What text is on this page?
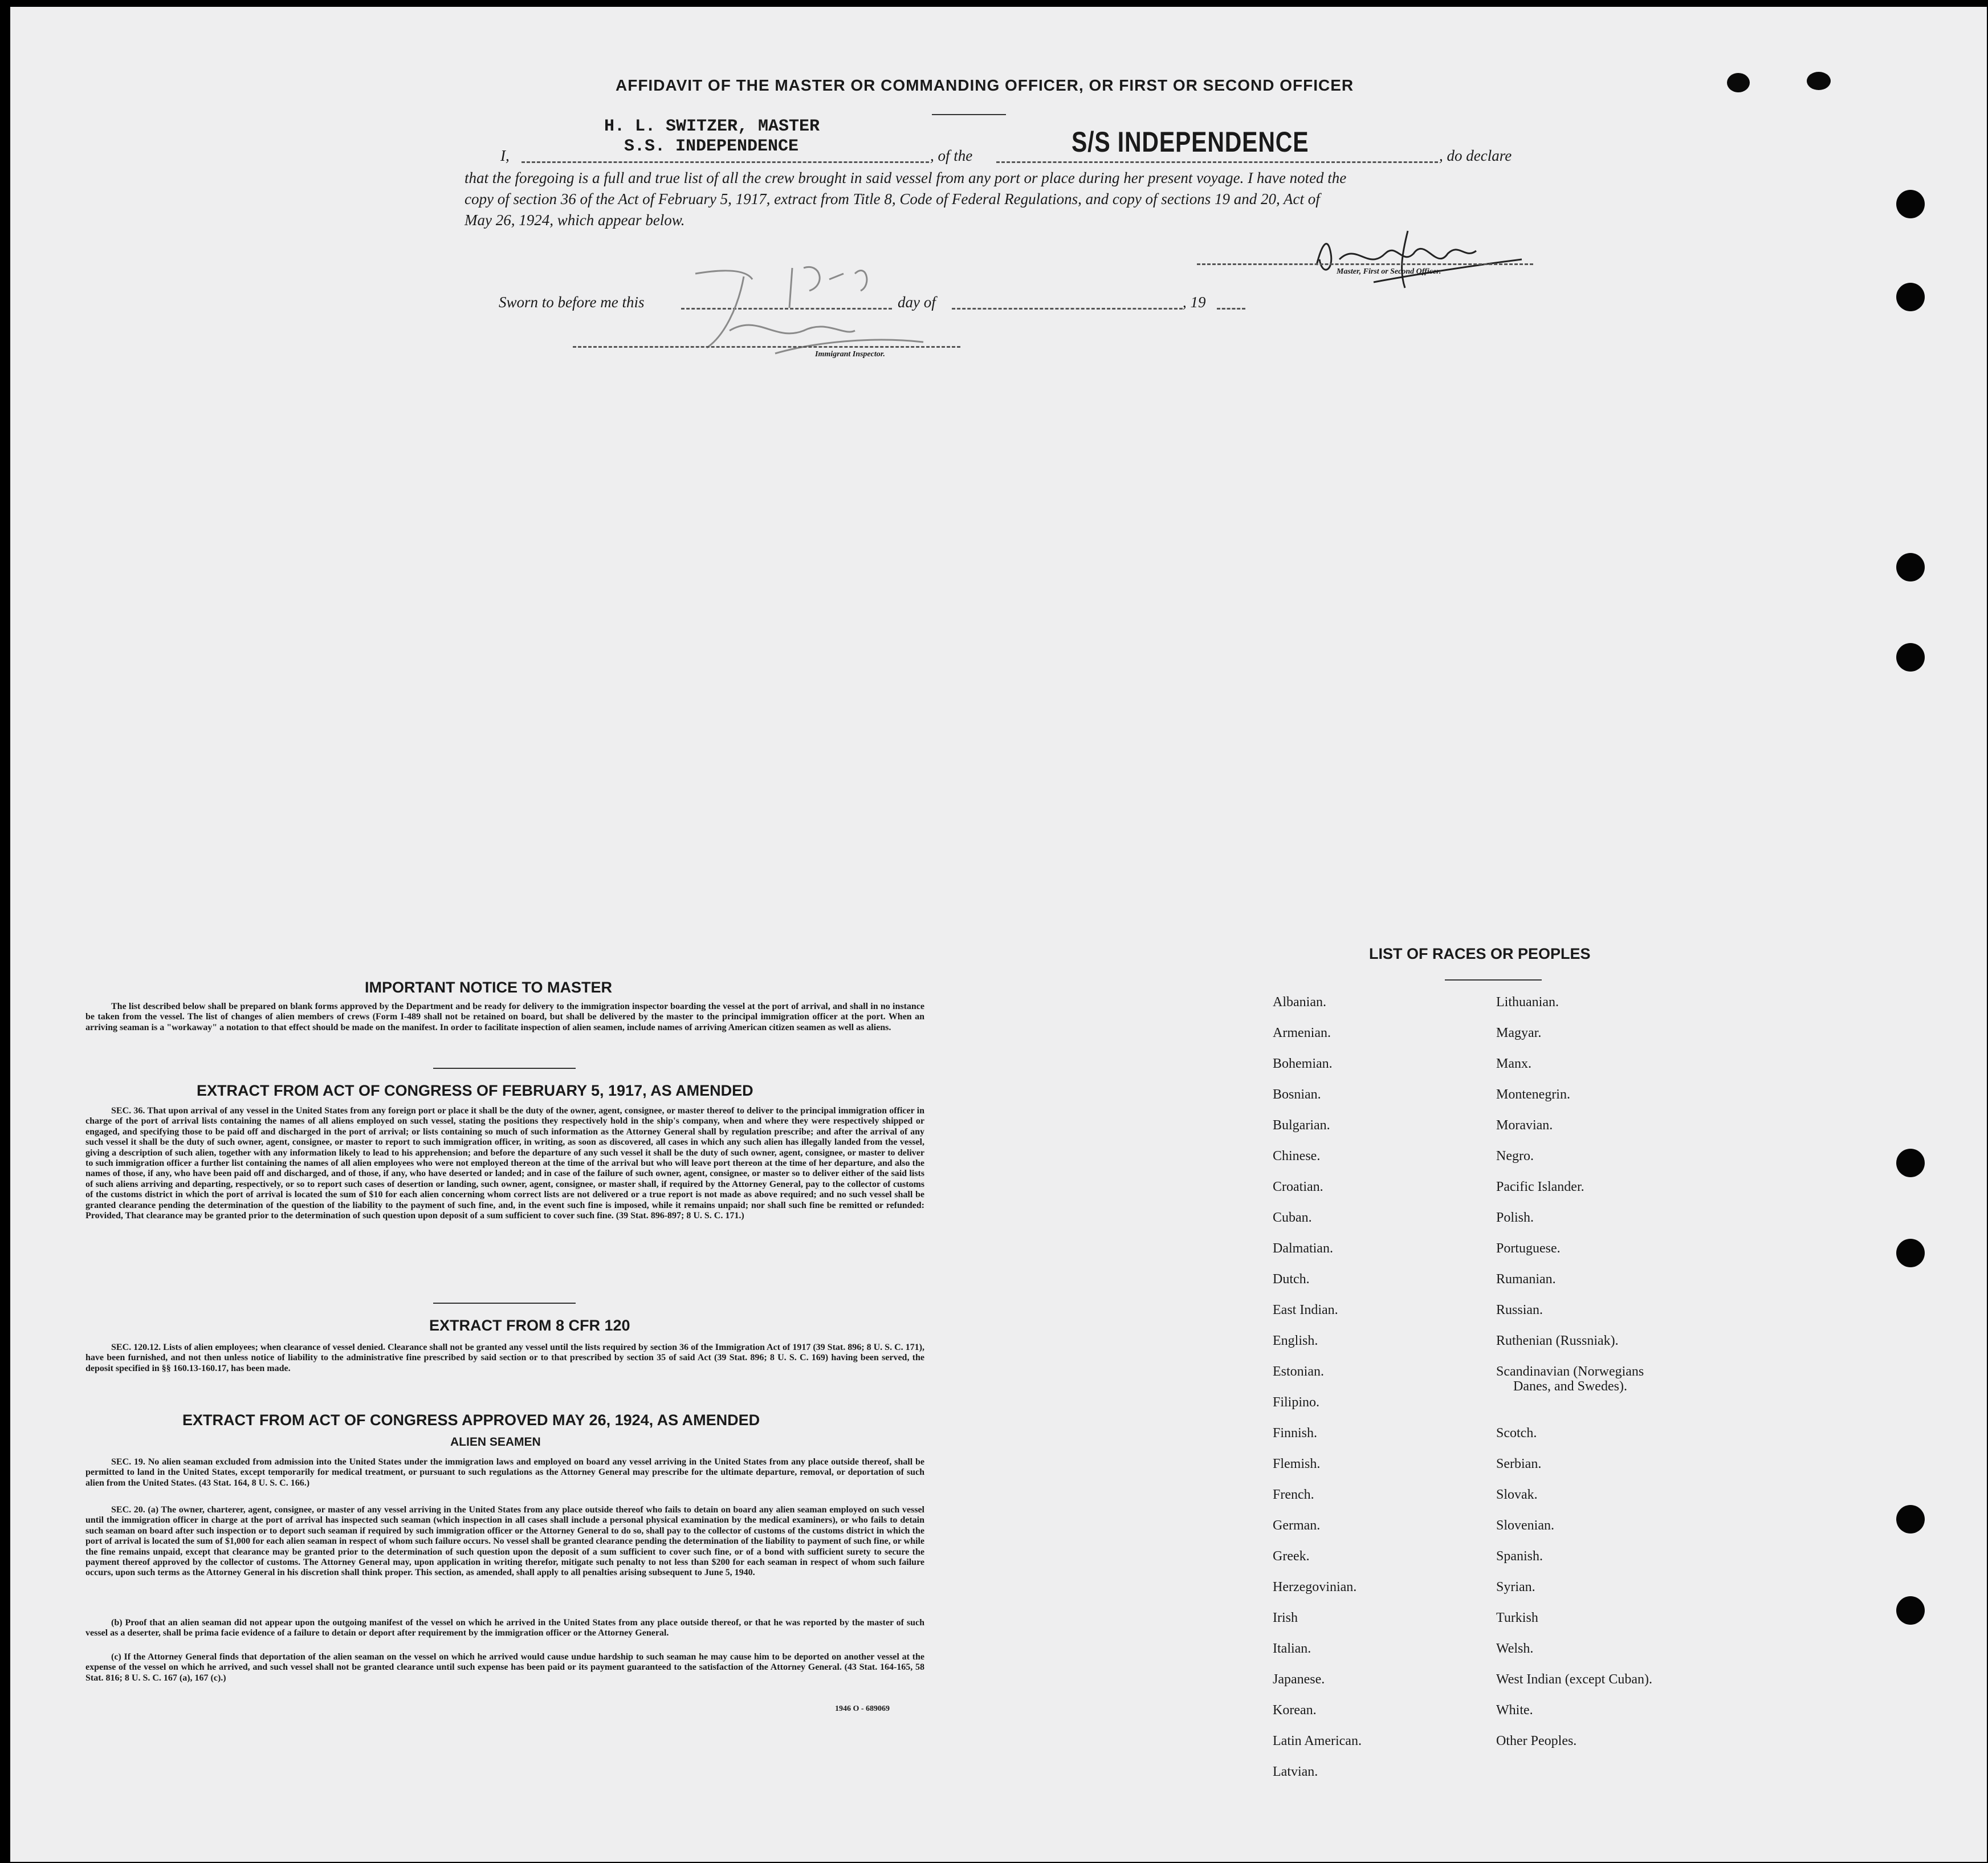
AFFIDAVIT OF THE MASTER OR COMMANDING OFFICER, OR FIRST OR SECOND OFFICER
H. L. SWITZER, MASTER
S.S. INDEPENDENCE	S/S INDEPENDENCE
I,	, of the	, do declare
that the foregoing is a full and true list of all the crew brought in said vessel from any port or place during her present voyage. I have noted the
copy of section 36 of the Act of February 5, 1917, extract from Title 8, Code of Federal Regulations, and copy of sections 19 and 20, Act of
May 26, 1924, which appear below.
Master, First or Second Officer.
Sworn to before me this	day of	, 19
Immigrant Inspector.
IMPORTANT NOTICE TO MASTER
The list described below shall be prepared on blank forms approved by the Department and be ready for delivery to the immigration inspector boarding the vessel at the port of arrival, and shall in no instance be taken from the vessel. The list of changes of alien members of crews (Form I-489 shall not be retained on board, but shall be delivered by the master to the principal immigration officer at the port. When an arriving seaman is a "workaway" a notation to that effect should be made on the manifest. In order to facilitate inspection of alien seamen, include names of arriving American citizen seamen as well as aliens.
EXTRACT FROM ACT OF CONGRESS OF FEBRUARY 5, 1917, AS AMENDED
SEC. 36. That upon arrival of any vessel in the United States from any foreign port or place it shall be the duty of the owner, agent, consignee, or master thereof to deliver to the principal immigration officer in charge of the port of arrival lists containing the names of all aliens employed on such vessel, stating the positions they respectively hold in the ship's company, when and where they were respectively shipped or engaged, and specifying those to be paid off and discharged in the port of arrival; or lists containing so much of such information as the Attorney General shall by regulation prescribe; and after the arrival of any such vessel it shall be the duty of such owner, agent, consignee, or master to report to such immigration officer, in writing, as soon as discovered, all cases in which any such alien has illegally landed from the vessel, giving a description of such alien, together with any information likely to lead to his apprehension; and before the departure of any such vessel it shall be the duty of such owner, agent, consignee, or master to deliver to such immigration officer a further list containing the names of all alien employees who were not employed thereon at the time of the arrival but who will leave port thereon at the time of her departure, and also the names of those, if any, who have been paid off and discharged, and of those, if any, who have deserted or landed; and in case of the failure of such owner, agent, consignee, or master so to deliver either of the said lists of such aliens arriving and departing, respectively, or so to report such cases of desertion or landing, such owner, agent, consignee, or master shall, if required by the Attorney General, pay to the collector of customs of the customs district in which the port of arrival is located the sum of $10 for each alien concerning whom correct lists are not delivered or a true report is not made as above required; and no such vessel shall be granted clearance pending the determination of the question of the liability to the payment of such fine, and, in the event such fine is imposed, while it remains unpaid; nor shall such fine be remitted or refunded: Provided, That clearance may be granted prior to the determination of such question upon deposit of a sum sufficient to cover such fine. (39 Stat. 896-897; 8 U. S. C. 171.)
EXTRACT FROM 8 CFR 120
SEC. 120.12. Lists of alien employees; when clearance of vessel denied. Clearance shall not be granted any vessel until the lists required by section 36 of the Immigration Act of 1917 (39 Stat. 896; 8 U. S. C. 171), have been furnished, and not then unless notice of liability to the administrative fine prescribed by said section or to that prescribed by section 35 of said Act (39 Stat. 896; 8 U. S. C. 169) having been served, the deposit specified in §§ 160.13-160.17, has been made.
EXTRACT FROM ACT OF CONGRESS APPROVED MAY 26, 1924, AS AMENDED
ALIEN SEAMEN
SEC. 19. No alien seaman excluded from admission into the United States under the immigration laws and employed on board any vessel arriving in the United States from any place outside thereof, shall be permitted to land in the United States, except temporarily for medical treatment, or pursuant to such regulations as the Attorney General may prescribe for the ultimate departure, removal, or deportation of such alien from the United States. (43 Stat. 164, 8 U. S. C. 166.)
SEC. 20. (a) The owner, charterer, agent, consignee, or master of any vessel arriving in the United States from any place outside thereof who fails to detain on board any alien seaman employed on such vessel until the immigration officer in charge at the port of arrival has inspected such seaman (which inspection in all cases shall include a personal physical examination by the medical examiners), or who fails to detain such seaman on board after such inspection or to deport such seaman if required by such immigration officer or the Attorney General to do so, shall pay to the collector of customs of the customs district in which the port of arrival is located the sum of $1,000 for each alien seaman in respect of whom such failure occurs. No vessel shall be granted clearance pending the determination of the liability to payment of such fine, or while the fine remains unpaid, except that clearance may be granted prior to the determination of such question upon the deposit of a sum sufficient to cover such fine, or of a bond with sufficient surety to secure the payment thereof approved by the collector of customs. The Attorney General may, upon application in writing therefor, mitigate such penalty to not less than $200 for each seaman in respect of whom such failure occurs, upon such terms as the Attorney General in his discretion shall think proper. This section, as amended, shall apply to all penalties arising subsequent to June 5, 1940.
(b) Proof that an alien seaman did not appear upon the outgoing manifest of the vessel on which he arrived in the United States from any place outside thereof, or that he was reported by the master of such vessel as a deserter, shall be prima facie evidence of a failure to detain or deport after requirement by the immigration officer or the Attorney General.
(c) If the Attorney General finds that deportation of the alien seaman on the vessel on which he arrived would cause undue hardship to such seaman he may cause him to be deported on another vessel at the expense of the vessel on which he arrived, and such vessel shall not be granted clearance until such expense has been paid or its payment guaranteed to the satisfaction of the Attorney General. (43 Stat. 164-165, 58 Stat. 816; 8 U. S. C. 167 (a), 167 (c).)
1946 O - 689069
LIST OF RACES OR PEOPLES
Albanian.
Armenian.
Bohemian.
Bosnian.
Bulgarian.
Chinese.
Croatian.
Cuban.
Dalmatian.
Dutch.
East Indian.
English.
Estonian.
Filipino.
Finnish.
Flemish.
French.
German.
Greek.
Herzegovinian.
Irish
Italian.
Japanese.
Korean.
Latin American.
Latvian.
Lithuanian.
Magyar.
Manx.
Montenegrin.
Moravian.
Negro.
Pacific Islander.
Polish.
Portuguese.
Rumanian.
Russian.
Ruthenian (Russniak).
Scandinavian (Norwegians
Danes, and Swedes).
Scotch.
Serbian.
Slovak.
Slovenian.
Spanish.
Syrian.
Turkish
Welsh.
West Indian (except Cuban).
White.
Other Peoples.
